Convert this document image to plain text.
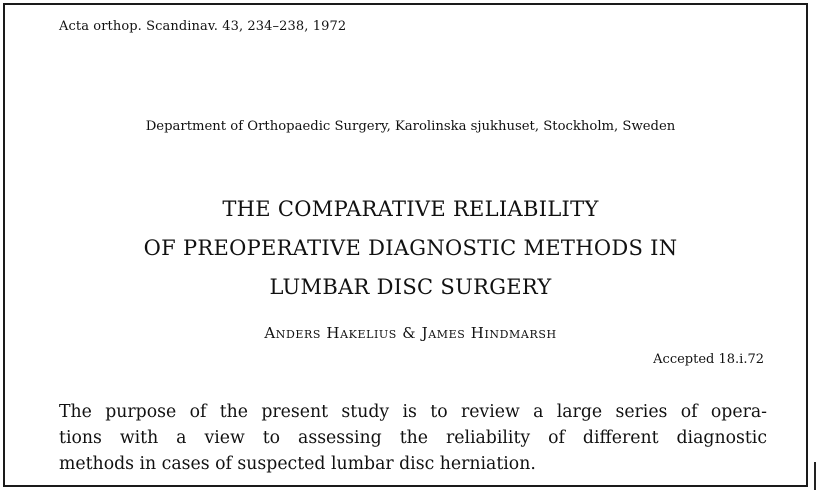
Acta orthop. Scandinav. 43, 234–238, 1972
Department of Orthopaedic Surgery, Karolinska sjukhuset, Stockholm, Sweden
THE COMPARATIVE RELIABILITY
OF PREOPERATIVE DIAGNOSTIC METHODS IN
LUMBAR DISC SURGERY
Anders Hakelius & James Hindmarsh
Accepted 18.i.72
The purpose of the present study is to review a large series of opera-
tions with a view to assessing the reliability of different diagnostic
methods in cases of suspected lumbar disc herniation.
